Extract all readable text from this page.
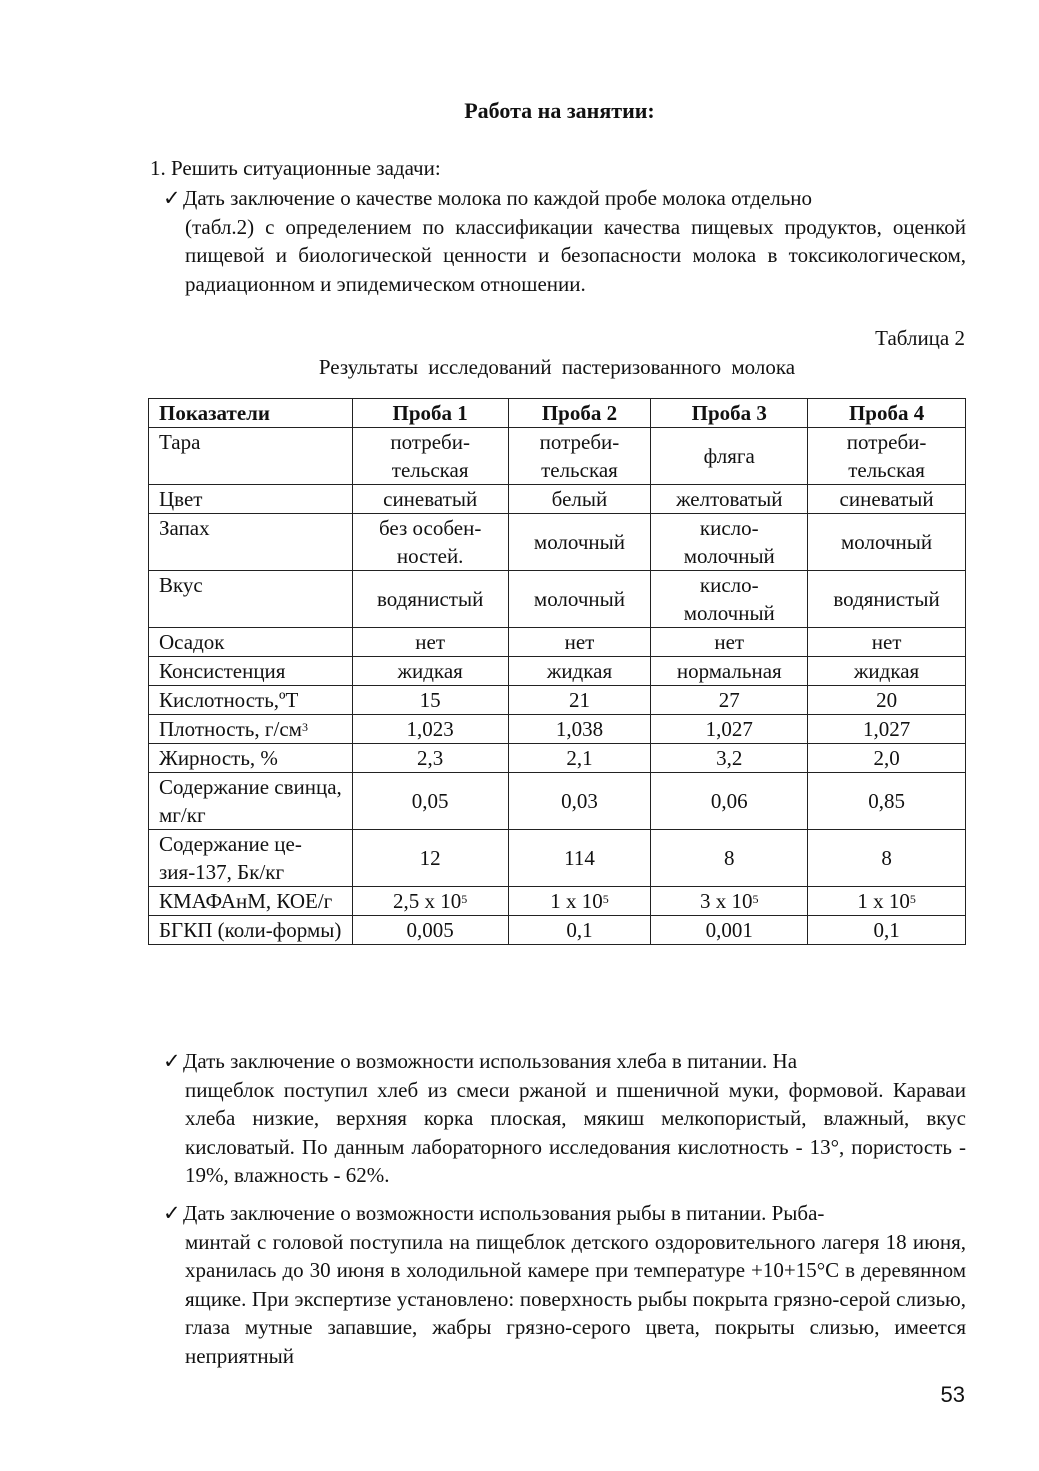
Работа на занятии:
1. Решить ситуационные задачи:
✓ Дать заключение о качестве молока по каждой пробе молока отдельно
(табл.2) с определением по классификации качества пищевых продуктов, оценкой пищевой и биологической ценности и безопасности молока в токсикологическом, радиационном и эпидемическом отношении.
Таблица 2
Результаты исследований пастеризованного молока
Показатели	Проба 1	Проба 2	Проба 3	Проба 4
Тара	потреби-тельская	потреби-тельская	фляга	потреби-тельская
Цвет	синеватый	белый	желтоватый	синеватый
Запах	без особен-ностей.	молочный	кисло-молочный	молочный
Вкус	водянистый	молочный	кисло-молочный	водянистый
Осадок	нет	нет	нет	нет
Консистенция	жидкая	жидкая	нормальная	жидкая
Кислотность,ºТ	15	21	27	20
Плотность, $г/см^3$	1,023	1,038	1,027	1,027
Жирность, %	2,3	2,1	3,2	2,0
Содержание свинца, мг/кг	0,05	0,03	0,06	0,85
Содержание це-зия-137, Бк/кг	12	114	8	8
КМАФАнМ, КОЕ/г	2,5 х $10^5$	1 х $10^5$	3 х $10^5$	1 х $10^5$
БГКП (коли-формы)	0,005	0,1	0,001	0,1
✓ Дать заключение о возможности использования хлеба в питании. На
пищеблок поступил хлеб из смеси ржаной и пшеничной муки, формовой. Караваи хлеба низкие, верхняя корка плоская, мякиш мелкопористый, влажный, вкус кисловатый. По данным лабораторного исследования кислотность - 13°, пористость - 19%, влажность - 62%.
✓ Дать заключение о возможности использования рыбы в питании. Рыба-
минтай с головой поступила на пищеблок детского оздоровительного лагеря 18 июня, хранилась до 30 июня в холодильной камере при температуре +10+15°С в деревянном ящике. При экспертизе установлено: поверхность рыбы покрыта грязно-серой слизью, глаза мутные запавшие, жабры грязно-серого цвета, покрыты слизью, имеется неприятный
53
